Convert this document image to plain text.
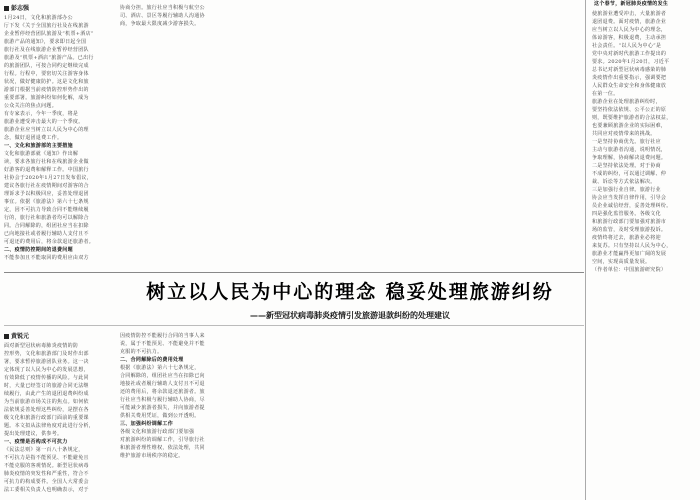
彭志强
1月24日，文化和旅游部办公
厅下发《关于全国旅行社及在线旅游
企业暂停经营团队旅游及“机票+酒店”
旅游产品的通知》，要求即日起全国
旅行社及在线旅游企业暂停经营团队
旅游及“机票+酒店”旅游产品。已出行
的旅游团队，可按合同约定继续完成
行程。行程中，要密切关注游客身体
状况，做好健康防护。这是文化和旅
游部门根据当前疫情防控形势作出的
重要部署。旅游纠纷如何化解，成为
公众关注的焦点问题。
有专家表示，今年一季度，将是
旅游业遭受冲击最大的一个季度。
旅游企业应当树立以人民为中心的理
念，做好退团退费工作。
一、文化和旅游部的主要措施
文化和旅游部就《通知》作出解
读，要求各旅行社和在线旅游企业做
好游客的退费和解释工作。中国旅行
社协会于2020年1月27日发布倡议，
建议各旅行社在疫情期间对游客的合
理诉求予以积极回应，妥善处理退团
事宜。依据《旅游法》第六十七条规
定，因不可抗力导致合同不能继续履
行的，旅行社和旅游者均可以解除合
同。合同解除的，组团社应当在扣除
已向地接社或者履行辅助人支付且不
可退还的费用后，将余款退还旅游者。
二、疫情防控期间的退费问题
不能参加且不能取回的费用应由双方
协商分担。旅行社应当积极与航空公
司、酒店、景区等履行辅助人沟通协
商，争取最大限度减少游客损失。
树立以人民为中心的理念 稳妥处理旅游纠纷
——新型冠状病毒肺炎疫情引发旅游退款纠纷的处理建议
黄锐元
面对新型冠状病毒肺炎疫情的防
控形势，文化和旅游部门及时作出部
署，要求暂停旅游团队业务。这一决
定体现了以人民为中心的发展思想，
有效降低了疫情传播的风险。与此同
时，大量已经签订的旅游合同无法继
续履行，由此产生的退团退费纠纷成
为当前旅游市场关注的焦点。如何依
法依规妥善处理这些纠纷，是摆在各
级文化和旅游行政部门面前的重要课
题。本文拟从法律角度对此进行分析，
提出处理建议，供参考。
一、疫情是否构成不可抗力
《民法总则》第一百八十条规定，
不可抗力是指不能预见、不能避免且
不能克服的客观情况。新型冠状病毒
肺炎疫情的突发性和严重性，符合不
可抗力的构成要件。全国人大常委会
法工委相关负责人也明确表示，对于
因疫情防控不能履行合同的当事人来
说，属于不能预见、不能避免并不能
克服的不可抗力。
二、合同解除后的费用处理
根据《旅游法》第六十七条规定，
合同解除的，组团社应当在扣除已向
地接社或者履行辅助人支付且不可退
还的费用后，将余款退还旅游者。旅
行社应当积极与履行辅助人协商，尽
可能减少旅游者损失，并向旅游者提
供相关费用凭证，做到公开透明。
三、加强纠纷调解工作
各级文化和旅游行政部门要加强
对旅游纠纷的调解工作，引导旅行社
和旅游者理性维权，依法处理，共同
维护旅游市场秩序的稳定。
这个春节，新冠肺炎疫情的发生
使旅游业遭受冲击，大量旅游者
退团退费。面对疫情，旅游企业
应当树立以人民为中心的理念，
体谅游客，积极退费，主动承担
社会责任。“以人民为中心”是
党中央对新时代旅游工作提出的
要求。2020年1月20日，习近平
总书记对新型冠状病毒感染的肺
炎疫情作出重要指示，强调要把
人民群众生命安全和身体健康放
在第一位。
旅游企业在处理旅游纠纷时，
要坚持依法依规、公平公正的原
则，既要维护旅游者的合法权益，
也要兼顾旅游企业的实际困难，
共同应对疫情带来的挑战。
一是坚持协商优先。旅行社应
主动与旅游者沟通，说明情况，
争取理解，协商解决退费问题。
二是坚持依法处理。对于协商
不成的纠纷，可以通过调解、仲
裁、诉讼等方式依法解决。
三是加强行业自律。旅游行业
协会应当发挥自律作用，引导会
员企业诚信经营，妥善处理纠纷。
四是强化监管服务。各级文化
和旅游行政部门要加强对旅游市
场的监管，及时受理旅游投诉。
疫情终将过去，旅游业必将迎
来复苏。只有坚持以人民为中心，
旅游业才能赢得更加广阔的发展
空间，实现高质量发展。
（作者单位：中国旅游研究院）
